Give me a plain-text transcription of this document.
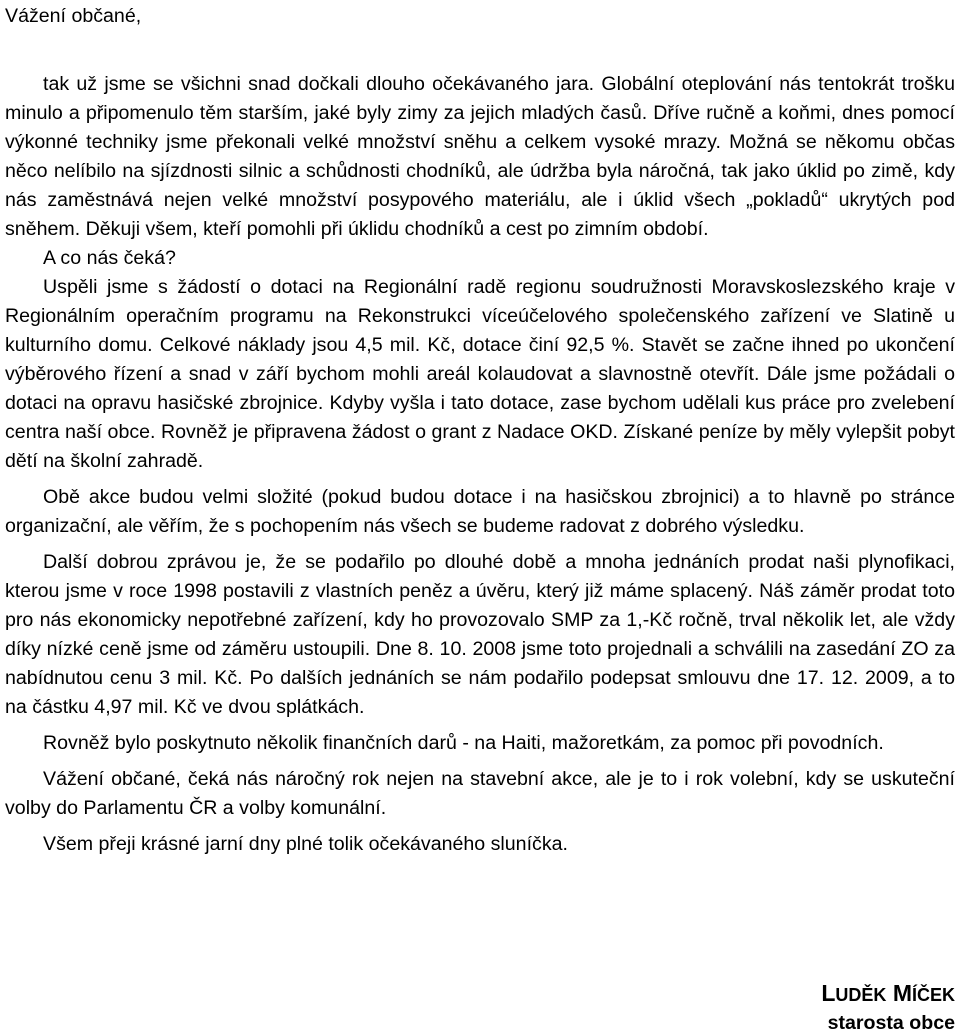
Vážení občané,

tak už jsme se všichni snad dočkali dlouho očekávaného jara. Globální oteplování nás tentokrát trošku minulo a připomenulo těm starším, jaké byly zimy za jejich mladých časů. Dříve ručně a koňmi, dnes pomocí výkonné techniky jsme překonali velké množství sněhu a celkem vysoké mrazy. Možná se někomu občas něco nelíbilo na sjízdnosti silnic a schůdnosti chodníků, ale údržba byla náročná, tak jako úklid po zimě, kdy nás zaměstnává nejen velké množství posypového materiálu, ale i úklid všech „pokladů“ ukrytých pod sněhem. Děkuji všem, kteří pomohli při úklidu chodníků a cest po zimním období.

A co nás čeká?

Uspěli jsme s žádostí o dotaci na Regionální radě regionu soudružnosti Moravskoslezského kraje v Regionálním operačním programu na Rekonstrukci víceúčelového společenského zařízení ve Slatině u kulturního domu. Celkové náklady jsou 4,5 mil. Kč, dotace činí 92,5 %. Stavět se začne ihned po ukončení výběrového řízení a snad v září bychom mohli areál kolaudovat a slavnostně otevřít. Dále jsme požádali o dotaci na opravu hasičské zbrojnice. Kdyby vyšla i tato dotace, zase bychom udělali kus práce pro zvelebení centra naší obce. Rovněž je připravena žádost o grant z Nadace OKD. Získané peníze by měly vylepšit pobyt dětí na školní zahradě.

Obě akce budou velmi složité (pokud budou dotace i na hasičskou zbrojnici) a to hlavně po stránce organizační, ale věřím, že s pochopením nás všech se budeme radovat z dobrého výsledku.

Další dobrou zprávou je, že se podařilo po dlouhé době a mnoha jednáních prodat naši plynofikaci, kterou jsme v roce 1998 postavili z vlastních peněz a úvěru, který již máme splacený. Náš záměr prodat toto pro nás ekonomicky nepotřebné zařízení, kdy ho provozovalo SMP za 1,-Kč ročně, trval několik let, ale vždy díky nízké ceně jsme od záměru ustoupili. Dne 8. 10. 2008 jsme toto projednali a schválili na zasedání ZO za nabídnutou cenu 3 mil. Kč. Po dalších jednáních se nám podařilo podepsat smlouvu dne 17. 12. 2009, a to na částku 4,97 mil. Kč ve dvou splátkách.

Rovněž bylo poskytnuto několik finančních darů - na Haiti, mažoretkám, za pomoc při povodních.

Vážení občané, čeká nás náročný rok nejen na stavební akce, ale je to i rok volební, kdy se uskuteční volby do Parlamentu ČR a volby komunální.

Všem přeji krásné jarní dny plné tolik očekávaného sluníčka.

LUDĚK MÍČEK

starosta obce
